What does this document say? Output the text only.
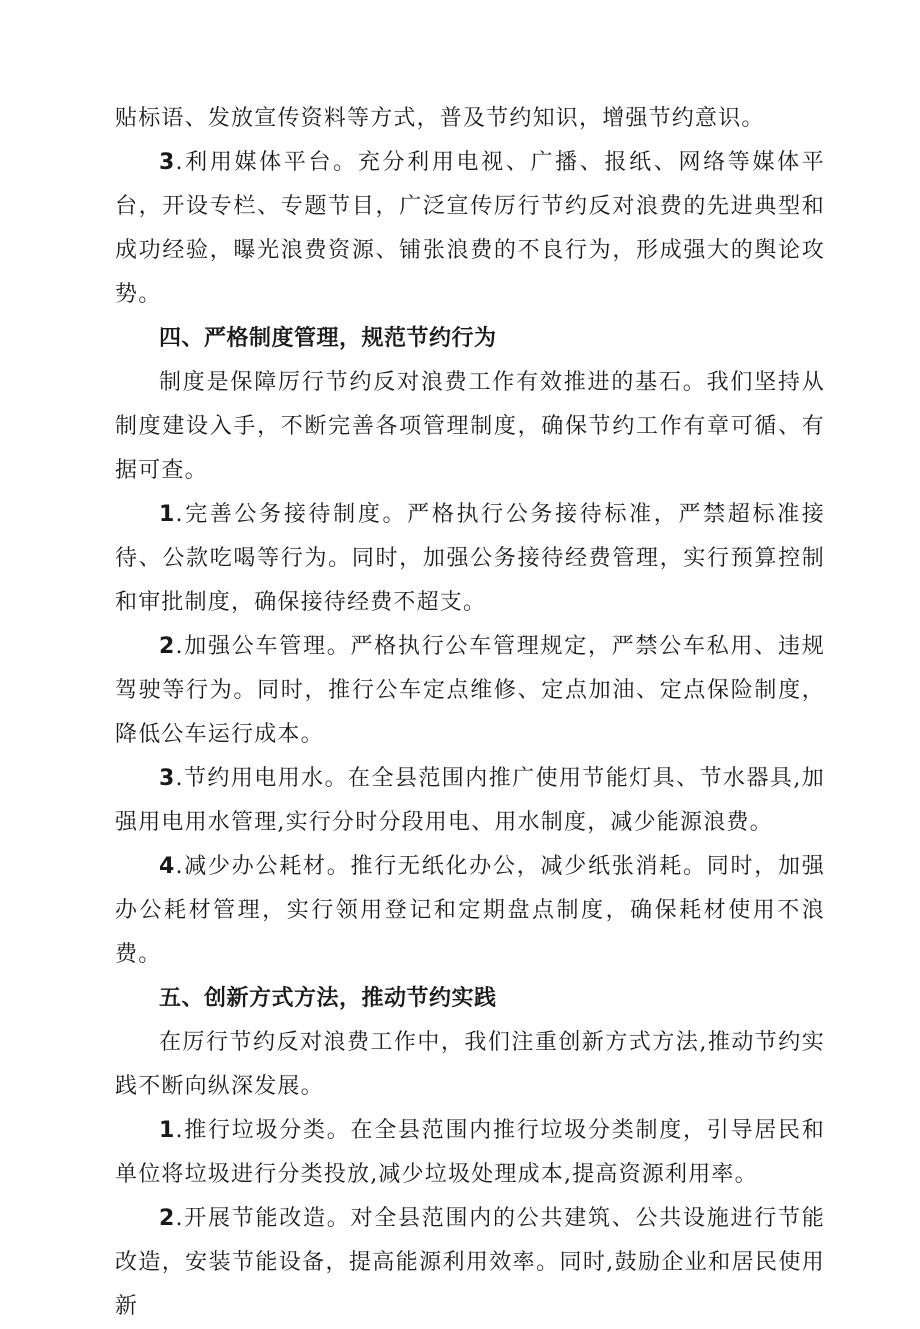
贴标语、发放宣传资料等方式，普及节约知识，增强节约意识。

3.利用媒体平台。充分利用电视、广播、报纸、网络等媒体平台，开设专栏、专题节目，广泛宣传厉行节约反对浪费的先进典型和成功经验，曝光浪费资源、铺张浪费的不良行为，形成强大的舆论攻势。

四、严格制度管理，规范节约行为

制度是保障厉行节约反对浪费工作有效推进的基石。我们坚持从制度建设入手，不断完善各项管理制度，确保节约工作有章可循、有据可查。

1.完善公务接待制度。严格执行公务接待标准，严禁超标准接待、公款吃喝等行为。同时，加强公务接待经费管理，实行预算控制和审批制度，确保接待经费不超支。

2.加强公车管理。严格执行公车管理规定，严禁公车私用、违规驾驶等行为。同时，推行公车定点维修、定点加油、定点保险制度，降低公车运行成本。

3.节约用电用水。在全县范围内推广使用节能灯具、节水器具,加强用电用水管理,实行分时分段用电、用水制度，减少能源浪费。

4.减少办公耗材。推行无纸化办公，减少纸张消耗。同时，加强办公耗材管理，实行领用登记和定期盘点制度，确保耗材使用不浪费。

五、创新方式方法，推动节约实践

在厉行节约反对浪费工作中，我们注重创新方式方法,推动节约实践不断向纵深发展。

1.推行垃圾分类。在全县范围内推行垃圾分类制度，引导居民和单位将垃圾进行分类投放,减少垃圾处理成本,提高资源利用率。

2.开展节能改造。对全县范围内的公共建筑、公共设施进行节能改造，安装节能设备，提高能源利用效率。同时,鼓励企业和居民使用新
